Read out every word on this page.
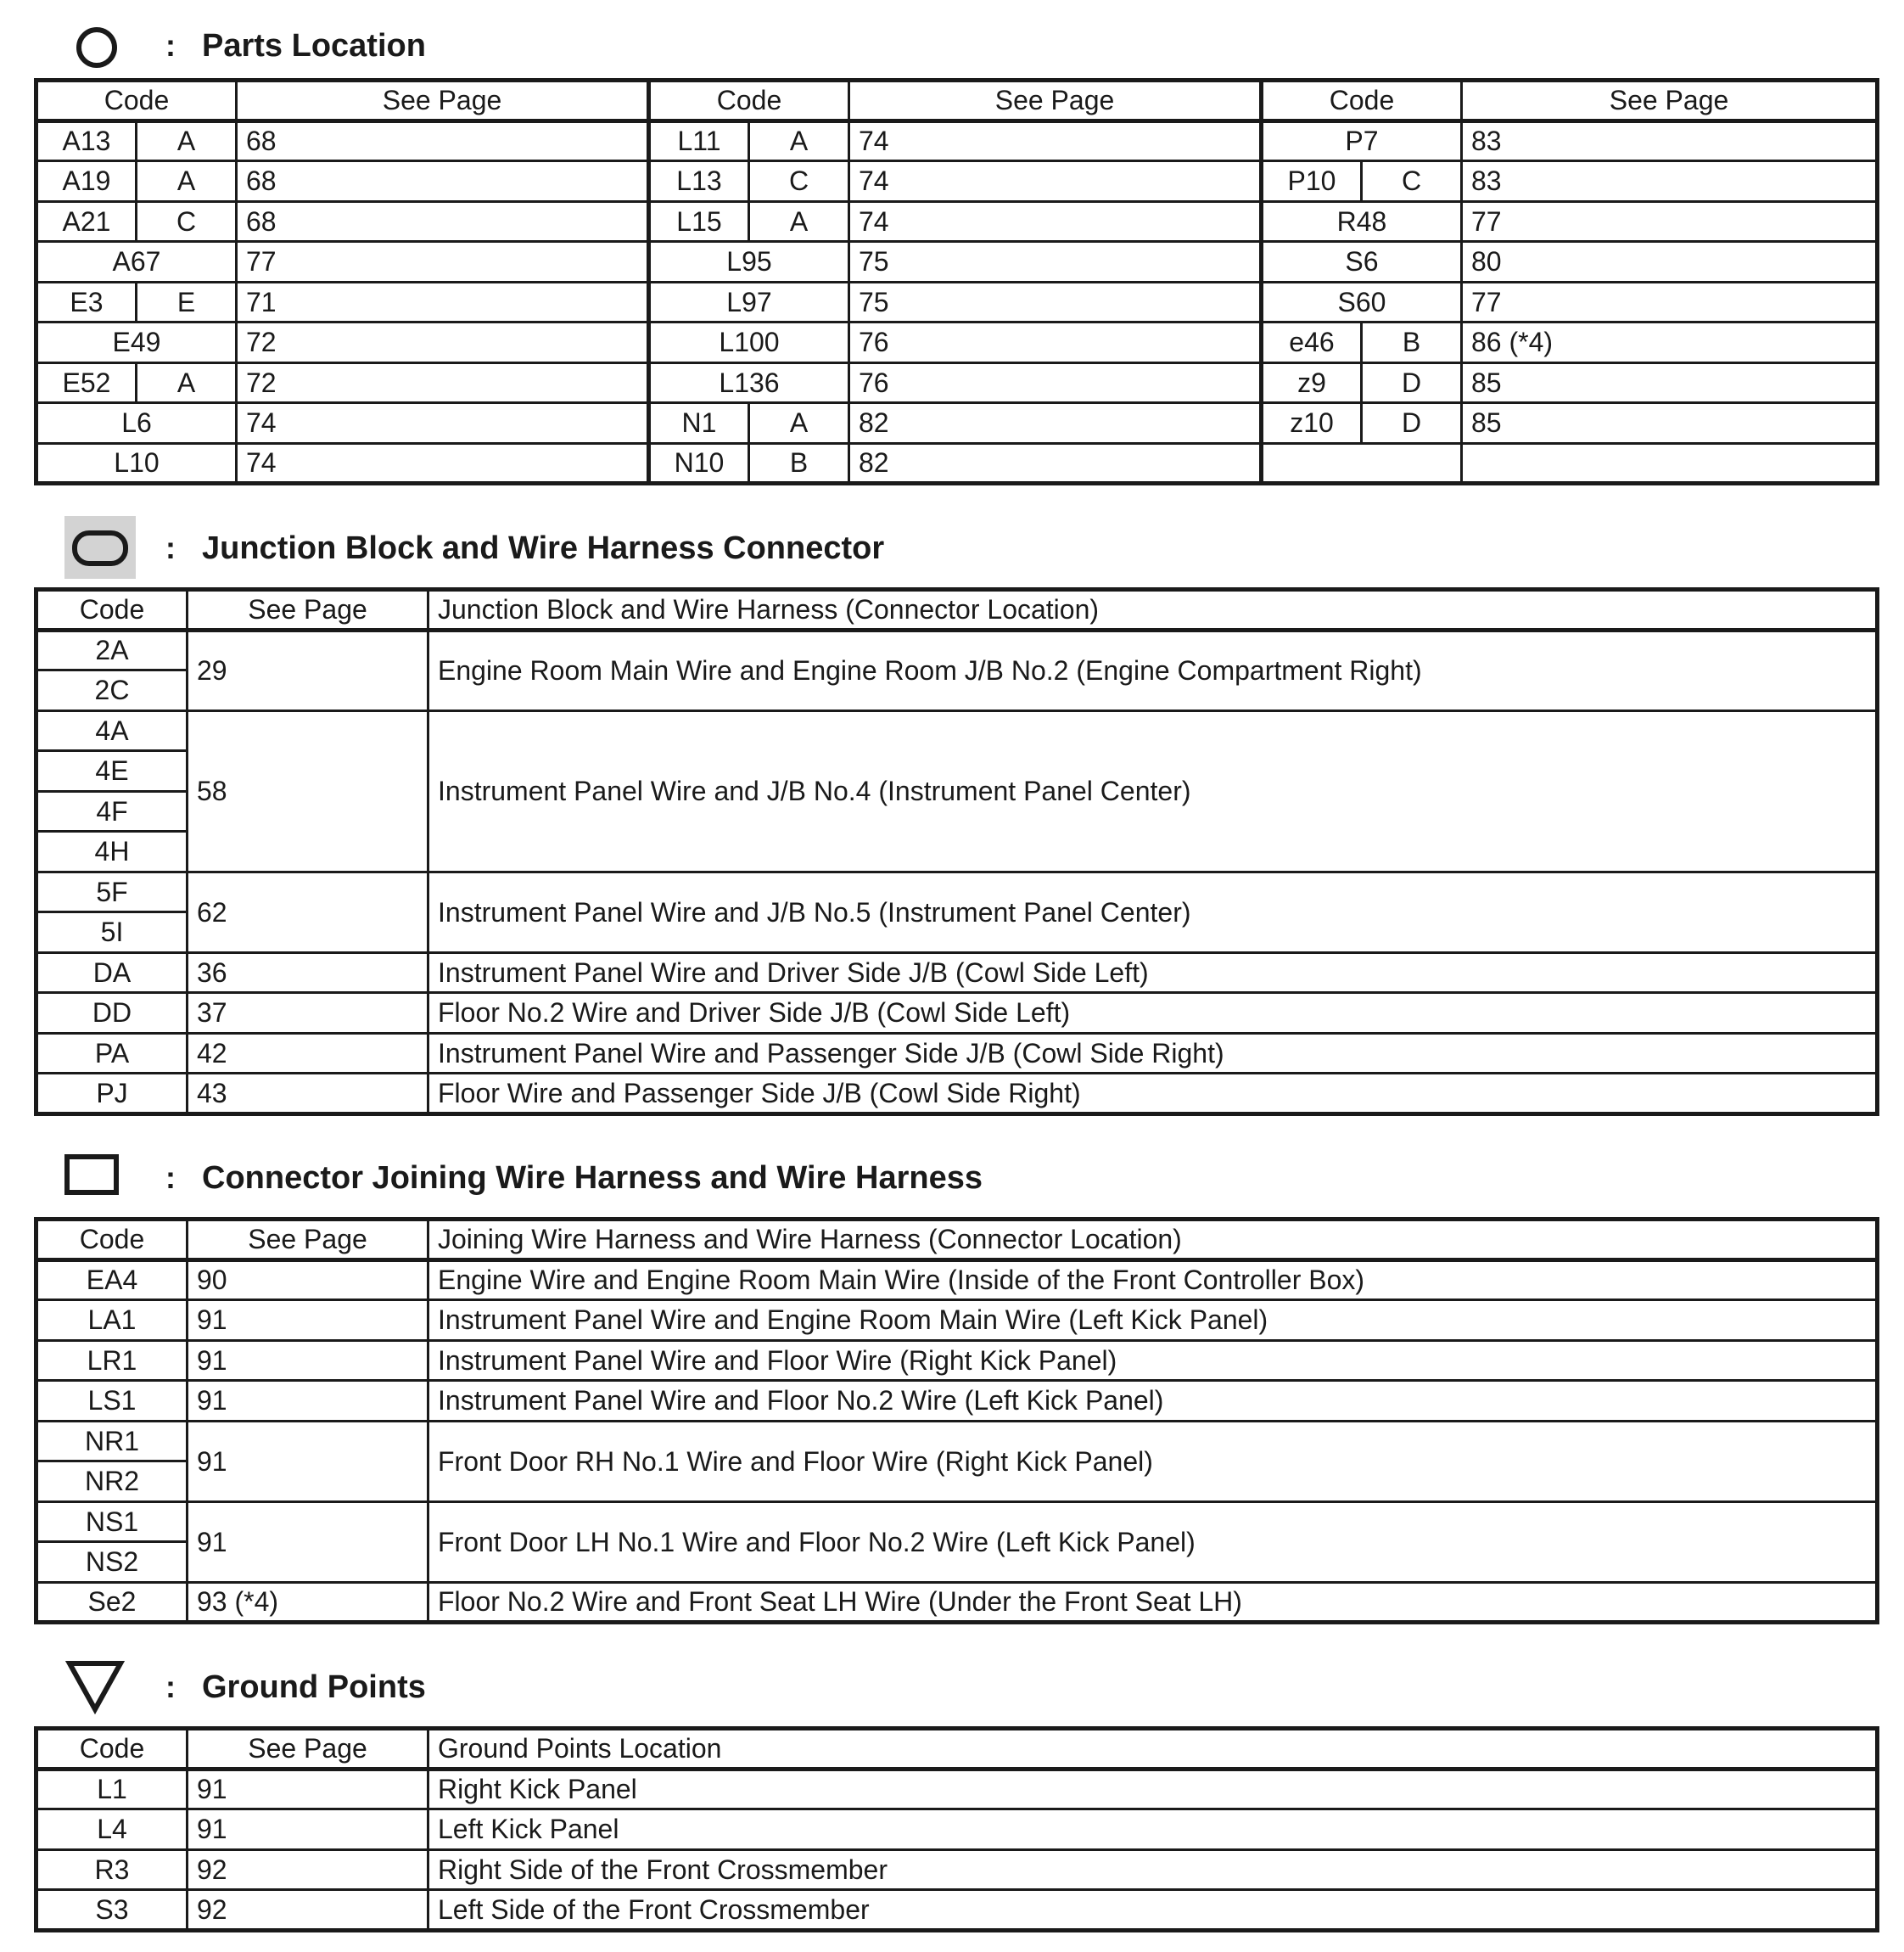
: Parts Location
Code		See Page	Code		See Page	Code		See Page
A13	A	68	L11	A	74	P7		83
A19	A	68	L13	C	74	P10	C	83
A21	C	68	L15	A	74	R48		77
A67		77	L95		75	S6		80
E3	E	71	L97		75	S60		77
E49		72	L100		76	e46	B	86 (*4)
E52	A	72	L136		76	z9	D	85
L6		74	N1	A	82	z10	D	85
L10		74	N10	B	82			
: Junction Block and Wire Harness Connector
Code	See Page	Junction Block and Wire Harness (Connector Location)
2A	29	Engine Room Main Wire and Engine Room J/B No.2 (Engine Compartment Right)
2C		
4A	58	Instrument Panel Wire and J/B No.4 (Instrument Panel Center)
4E		
4F		
4H		
5F	62	Instrument Panel Wire and J/B No.5 (Instrument Panel Center)
5I		
DA	36	Instrument Panel Wire and Driver Side J/B (Cowl Side Left)
DD	37	Floor No.2 Wire and Driver Side J/B (Cowl Side Left)
PA	42	Instrument Panel Wire and Passenger Side J/B (Cowl Side Right)
PJ	43	Floor Wire and Passenger Side J/B (Cowl Side Right)
: Connector Joining Wire Harness and Wire Harness
Code	See Page	Joining Wire Harness and Wire Harness (Connector Location)
EA4	90	Engine Wire and Engine Room Main Wire (Inside of the Front Controller Box)
LA1	91	Instrument Panel Wire and Engine Room Main Wire (Left Kick Panel)
LR1	91	Instrument Panel Wire and Floor Wire (Right Kick Panel)
LS1	91	Instrument Panel Wire and Floor No.2 Wire (Left Kick Panel)
NR1	91	Front Door RH No.1 Wire and Floor Wire (Right Kick Panel)
NR2		
NS1	91	Front Door LH No.1 Wire and Floor No.2 Wire (Left Kick Panel)
NS2		
Se2	93 (*4)	Floor No.2 Wire and Front Seat LH Wire (Under the Front Seat LH)
: Ground Points
Code	See Page	Ground Points Location
L1	91	Right Kick Panel
L4	91	Left Kick Panel
R3	92	Right Side of the Front Crossmember
S3	92	Left Side of the Front Crossmember
